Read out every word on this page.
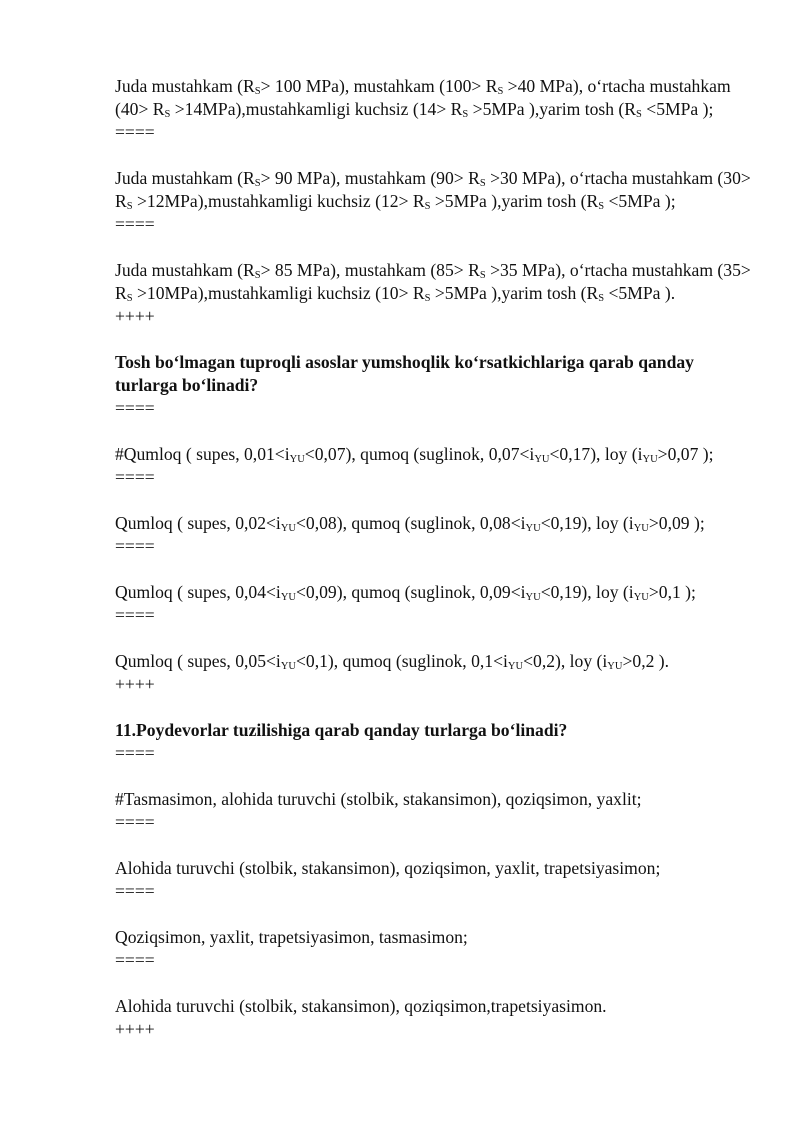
Juda mustahkam ($R_S> 100$ MPa), mustahkam ($100> R_S >40$ MPa), o‘rtacha mustahkam ($40> R_S$ >14MPa),mustahkamligi kuchsiz ($14> R_S >5MPa$ ),yarim tosh ($R_S <5MPa$ );

====

Juda mustahkam ($R_S> 90$ MPa), mustahkam ($90> R_S >30$ MPa), o‘rtacha mustahkam ($30> R_S$ >12MPa),mustahkamligi kuchsiz ($12> R_S >5MPa$ ),yarim tosh ($R_S <5MPa$ );

====

Juda mustahkam ($R_S> 85$ MPa), mustahkam ($85> R_S >35$ MPa), o‘rtacha mustahkam ($35> R_S$ >10MPa),mustahkamligi kuchsiz ($10> R_S >5MPa$ ),yarim tosh ($R_S <5MPa$ ).

++++

Tosh bo‘lmagan tuproqli asoslar yumshoqlik ko‘rsatkichlariga qarab qanday turlarga bo‘linadi?

====

#Qumloq ( supes, $0,01<i_{YU}<0,07$), qumoq (suglinok, $0,07<i_{YU}<0,17$), loy ($i_{YU}>0,07$ );

====

Qumloq ( supes, $0,02<i_{YU}<0,08$), qumoq (suglinok, $0,08<i_{YU}<0,19$), loy ($i_{YU}>0,09$ );

====

Qumloq ( supes, $0,04<i_{YU}<0,09$), qumoq (suglinok, $0,09<i_{YU}<0,19$), loy ($i_{YU}>0,1$ );

====

Qumloq ( supes, $0,05<i_{YU}<0,1$), qumoq (suglinok, $0,1<i_{YU}<0,2$), loy ($i_{YU}>0,2$ ).

++++

11.Poydevorlar tuzilishiga qarab qanday turlarga bo‘linadi?

====

#Tasmasimon, alohida turuvchi (stolbik, stakansimon), qoziqsimon, yaxlit;

====

Alohida turuvchi (stolbik, stakansimon), qoziqsimon, yaxlit, trapetsiyasimon;

====

Qoziqsimon, yaxlit, trapetsiyasimon, tasmasimon;

====

Alohida turuvchi (stolbik, stakansimon), qoziqsimon,trapetsiyasimon.

++++
